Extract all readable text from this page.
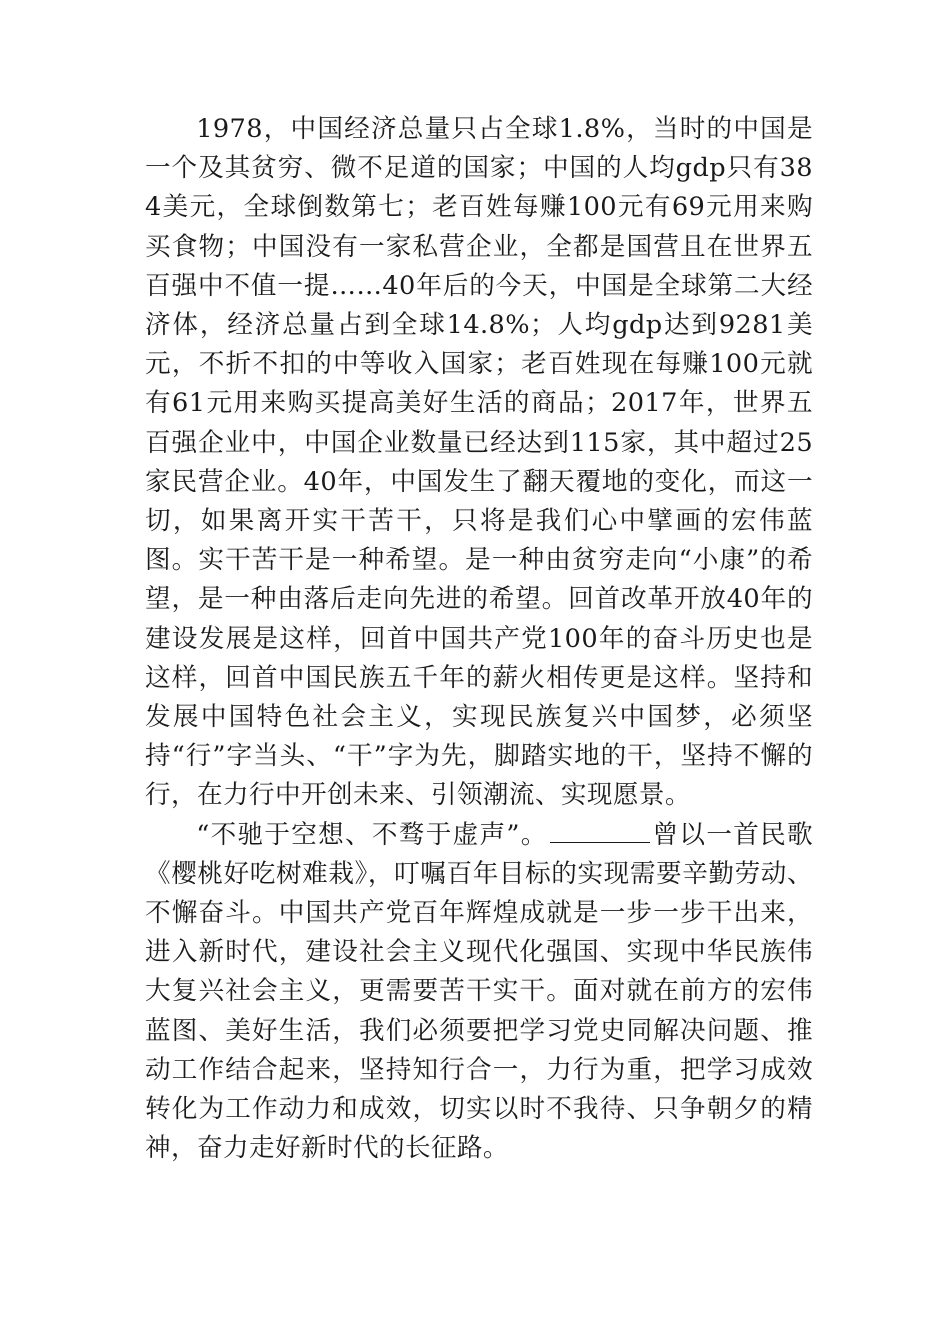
1978，中国经济总量只占全球1.8%，当时的中国是一个及其贫穷、微不足道的国家；中国的人均gdp只有384美元，全球倒数第七；老百姓每赚100元有69元用来购买食物；中国没有一家私营企业，全都是国营且在世界五百强中不值一提……40年后的今天，中国是全球第二大经济体，经济总量占到全球14.8%；人均gdp达到9281美元，不折不扣的中等收入国家；老百姓现在每赚100元就有61元用来购买提高美好生活的商品；2017年，世界五百强企业中，中国企业数量已经达到115家，其中超过25家民营企业。40年，中国发生了翻天覆地的变化，而这一切，如果离开实干苦干，只将是我们心中擘画的宏伟蓝图。实干苦干是一种希望。是一种由贫穷走向“小康”的希望，是一种由落后走向先进的希望。回首改革开放40年的建设发展是这样，回首中国共产党100年的奋斗历史也是这样，回首中国民族五千年的薪火相传更是这样。坚持和发展中国特色社会主义，实现民族复兴中国梦，必须坚持“行”字当头、“干”字为先，脚踏实地的干，坚持不懈的行，在力行中开创未来、引领潮流、实现愿景。

“不驰于空想、不骛于虚声”。	曾以一首民歌《樱桃好吃树难栽》，叮嘱百年目标的实现需要辛勤劳动、不懈奋斗。中国共产党百年辉煌成就是一步一步干出来，进入新时代，建设社会主义现代化强国、实现中华民族伟大复兴社会主义，更需要苦干实干。面对就在前方的宏伟蓝图、美好生活，我们必须要把学习党史同解决问题、推动工作结合起来，坚持知行合一，力行为重，把学习成效转化为工作动力和成效，切实以时不我待、只争朝夕的精神，奋力走好新时代的长征路。
